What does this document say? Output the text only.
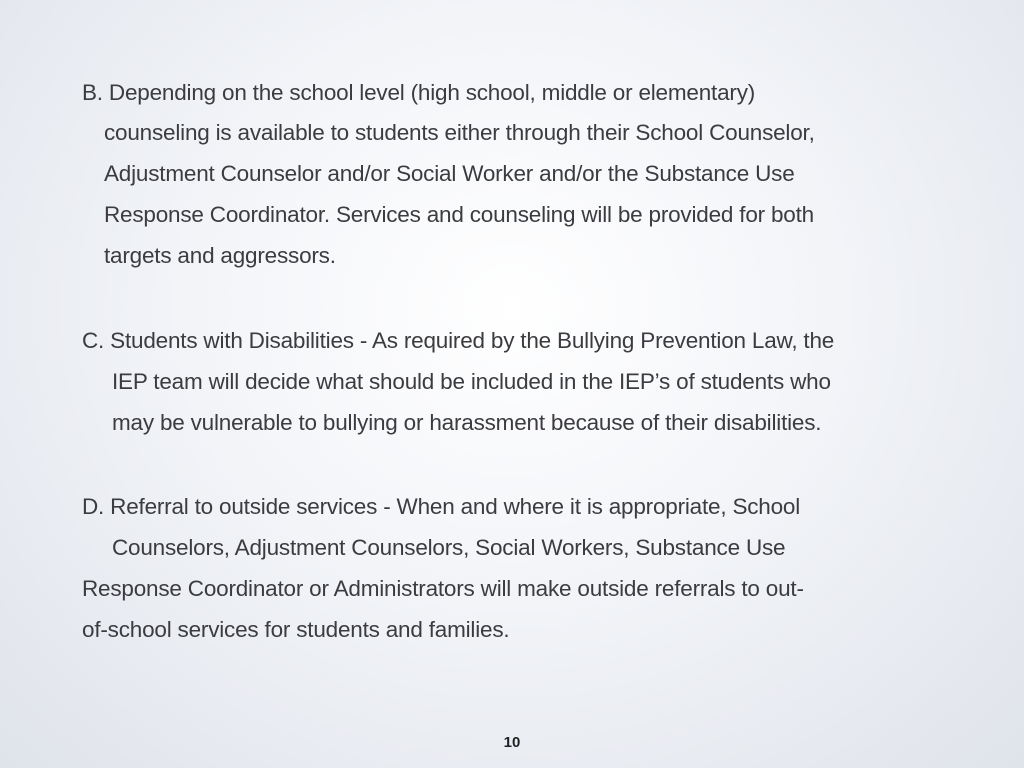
B. Depending on the school level (high school, middle or elementary)

counseling is available to students either through their School Counselor,

Adjustment Counselor and/or Social Worker and/or the Substance Use

Response Coordinator. Services and counseling will be provided for both

targets and aggressors.

C. Students with Disabilities - As required by the Bullying Prevention Law, the

IEP team will decide what should be included in the IEP’s of students who

may be vulnerable to bullying or harassment because of their disabilities.

D. Referral to outside services - When and where it is appropriate, School

Counselors, Adjustment Counselors, Social Workers, Substance Use

Response Coordinator or Administrators will make outside referrals to out-

of-school services for students and families.

10
